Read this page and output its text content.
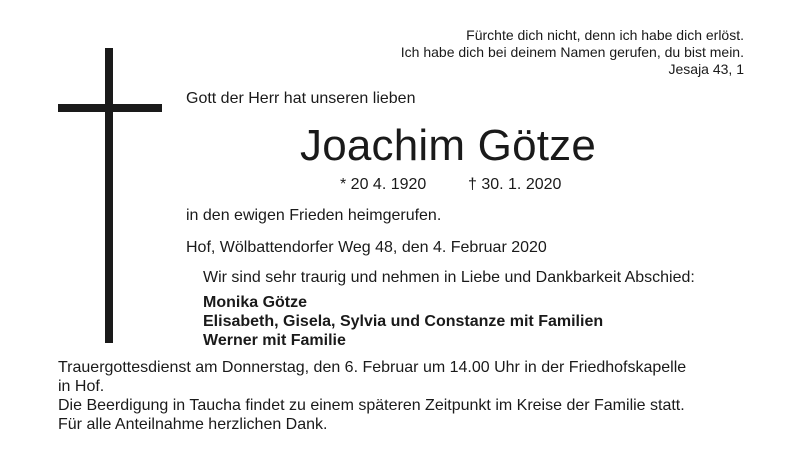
Fürchte dich nicht, denn ich habe dich erlöst.
Ich habe dich bei deinem Namen gerufen, du bist mein.
Jesaja 43, 1
Gott der Herr hat unseren lieben
Joachim Götze
* 20 4. 1920	† 30. 1. 2020
in den ewigen Frieden heimgerufen.
Hof, Wölbattendorfer Weg 48, den 4. Februar 2020
Wir sind sehr traurig und nehmen in Liebe und Dankbarkeit Abschied:
Monika Götze
Elisabeth, Gisela, Sylvia und Constanze mit Familien
Werner mit Familie
Trauergottesdienst am Donnerstag, den 6. Februar um 14.00 Uhr in der Friedhofskapelle
in Hof.
Die Beerdigung in Taucha findet zu einem späteren Zeitpunkt im Kreise der Familie statt.
Für alle Anteilnahme herzlichen Dank.
